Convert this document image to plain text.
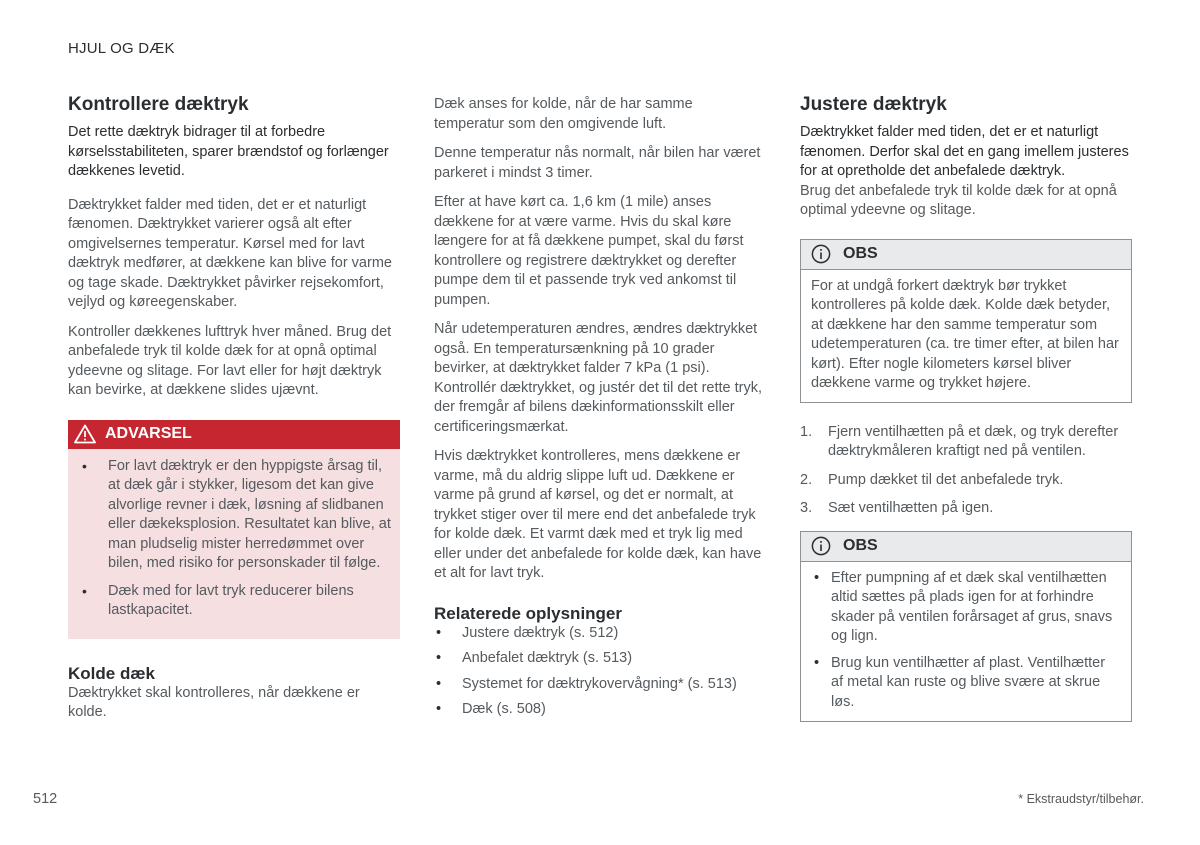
HJUL OG DÆK
Kontrollere dæktryk

Det rette dæktryk bidrager til at forbedre kørselsstabiliteten, sparer brændstof og forlænger dækkenes levetid.

Dæktrykket falder med tiden, det er et naturligt fænomen. Dæktrykket varierer også alt efter omgivelsernes temperatur. Kørsel med for lavt dæktryk medfører, at dækkene kan blive for varme og tage skade. Dæktrykket påvirker rejsekomfort, vejlyd og køreegenskaber.

Kontroller dækkenes lufttryk hver måned. Brug det anbefalede tryk til kolde dæk for at opnå optimal ydeevne og slitage. For lavt eller for højt dæktryk kan bevirke, at dækkene slides ujævnt.

ADVARSEL
• For lavt dæktryk er den hyppigste årsag til, at dæk går i stykker, ligesom det kan give alvorlige revner i dæk, løsning af slidbanen eller dækeksplosion. Resultatet kan blive, at man pludselig mister herredømmet over bilen, med risiko for personskader til følge.
• Dæk med for lavt tryk reducerer bilens lastkapacitet.
Kolde dæk

Dæktrykket skal kontrolleres, når dækkene er kolde.

Dæk anses for kolde, når de har samme temperatur som den omgivende luft.

Denne temperatur nås normalt, når bilen har været parkeret i mindst 3 timer.

Efter at have kørt ca. 1,6 km (1 mile) anses dækkene for at være varme. Hvis du skal køre længere for at få dækkene pumpet, skal du først kontrollere og registrere dæktrykket og derefter pumpe dem til et passende tryk ved ankomst til pumpen.

Når udetemperaturen ændres, ændres dæktrykket også. En temperatursænkning på 10 grader bevirker, at dæktrykket falder 7 kPa (1 psi). Kontrollér dæktrykket, og justér det til det rette tryk, der fremgår af bilens dækinformationsskilt eller certificeringsmærkat.

Hvis dæktrykket kontrolleres, mens dækkene er varme, må du aldrig slippe luft ud. Dækkene er varme på grund af kørsel, og det er normalt, at trykket stiger over til mere end det anbefalede tryk for kolde dæk. Et varmt dæk med et tryk lig med eller under det anbefalede for kolde dæk, kan have et alt for lavt tryk.

Relaterede oplysninger
• Justere dæktryk (s. 512)
• Anbefalet dæktryk (s. 513)
• Systemet for dæktrykovervågning* (s. 513)
• Dæk (s. 508)
Justere dæktryk

Dæktrykket falder med tiden, det er et naturligt fænomen. Derfor skal det en gang imellem justeres for at opretholde det anbefalede dæktryk.

Brug det anbefalede tryk til kolde dæk for at opnå optimal ydeevne og slitage.

OBS

For at undgå forkert dæktryk bør trykket kontrolleres på kolde dæk. Kolde dæk betyder, at dækkene har den samme temperatur som udetemperaturen (ca. tre timer efter, at bilen har kørt). Efter nogle kilometers kørsel bliver dækkene varme og trykket højere.

1. Fjern ventilhætten på et dæk, og tryk derefter dæktrykmåleren kraftigt ned på ventilen.
2. Pump dækket til det anbefalede tryk.
3. Sæt ventilhætten på igen.
OBS
• Efter pumpning af et dæk skal ventilhætten altid sættes på plads igen for at forhindre skader på ventilen forårsaget af grus, snavs og lign.
• Brug kun ventilhætter af plast. Ventilhætter af metal kan ruste og blive svære at skrue løs.
512	* Ekstraudstyr/tilbehør.
